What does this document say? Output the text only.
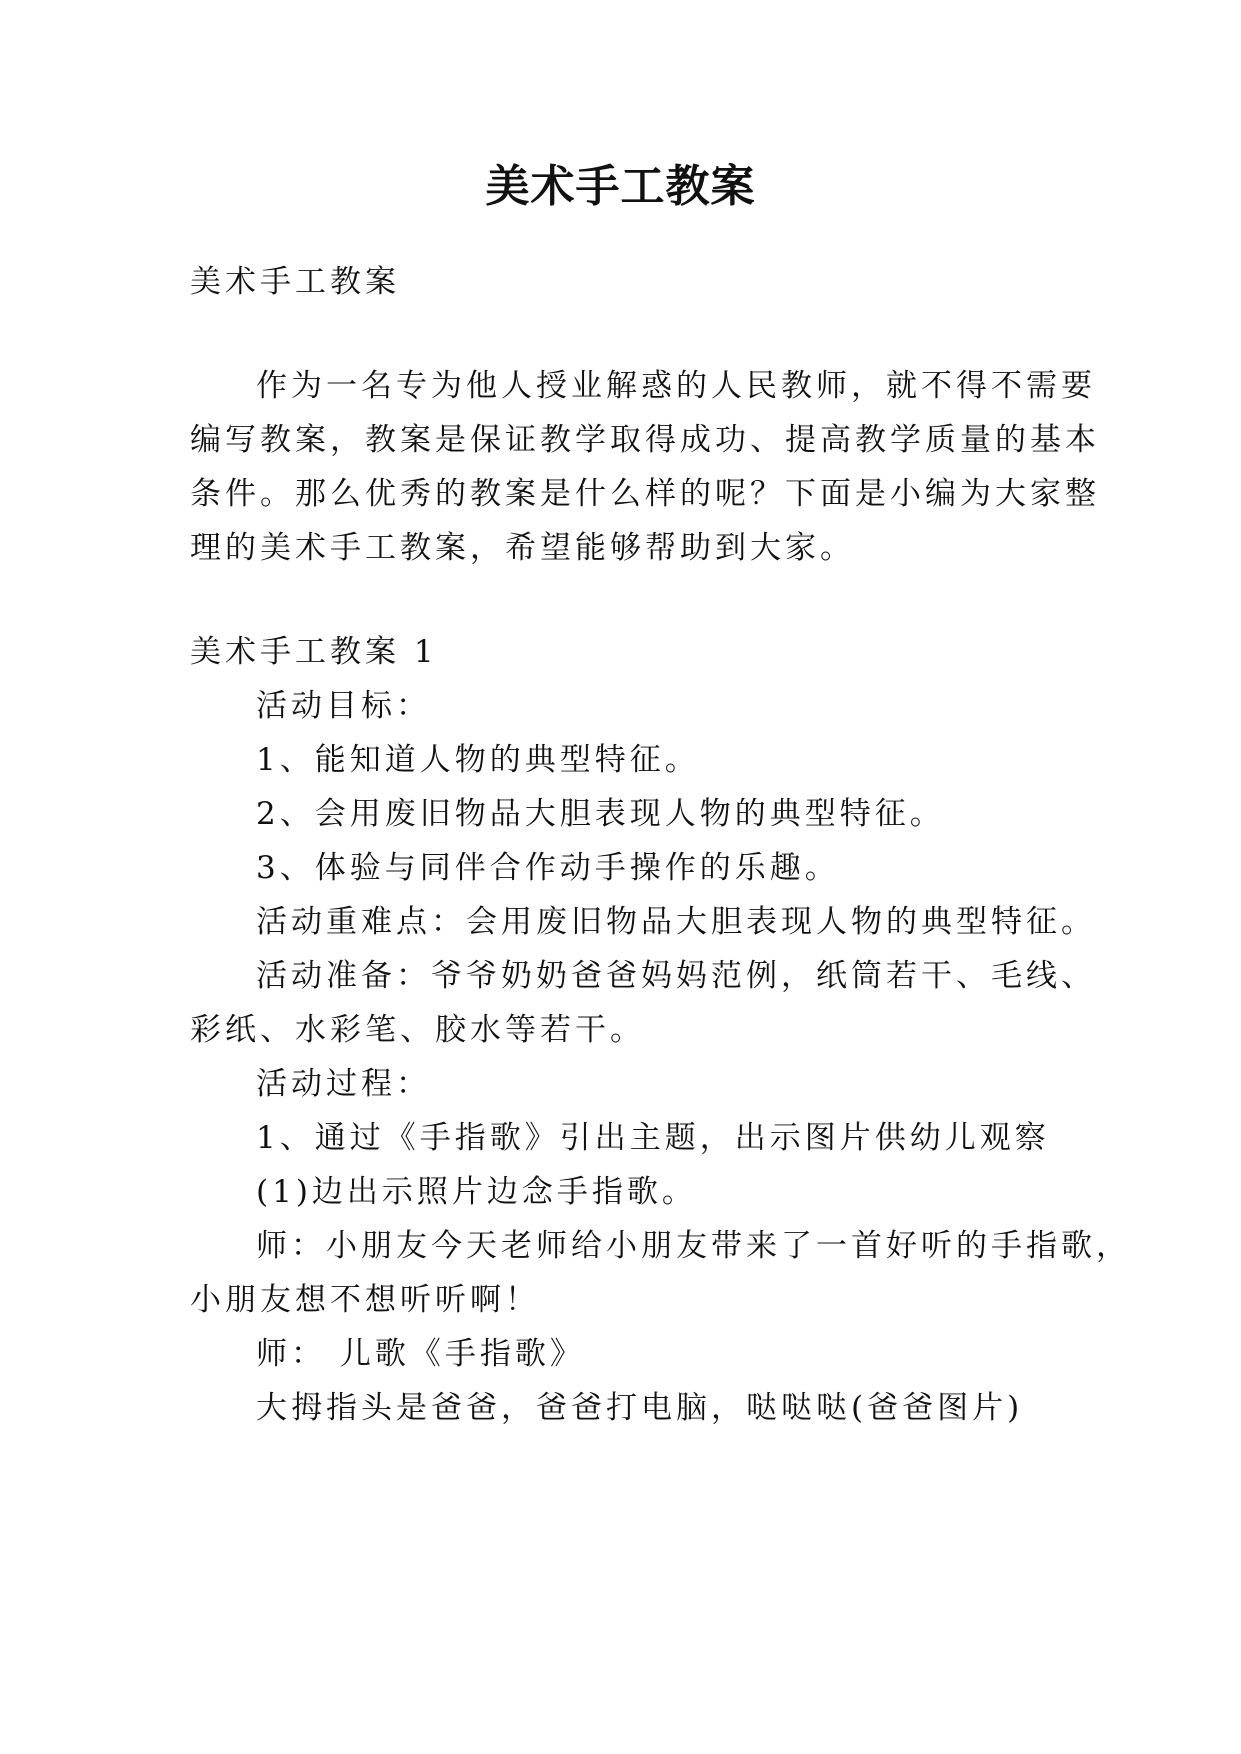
美术手工教案
美术手工教案
作为一名专为他人授业解惑的人民教师，就不得不需要
编写教案，教案是保证教学取得成功、提高教学质量的基本
条件。那么优秀的教案是什么样的呢？下面是小编为大家整
理的美术手工教案，希望能够帮助到大家。
美术手工教案 1
活动目标：
1、能知道人物的典型特征。
2、会用废旧物品大胆表现人物的典型特征。
3、体验与同伴合作动手操作的乐趣。
活动重难点：会用废旧物品大胆表现人物的典型特征。
活动准备：爷爷奶奶爸爸妈妈范例，纸筒若干、毛线、
彩纸、水彩笔、胶水等若干。
活动过程：
1、通过《手指歌》引出主题，出示图片供幼儿观察
(1)边出示照片边念手指歌。
师：小朋友今天老师给小朋友带来了一首好听的手指歌，
小朋友想不想听听啊！
师： 儿歌《手指歌》
大拇指头是爸爸，爸爸打电脑，哒哒哒(爸爸图片)
